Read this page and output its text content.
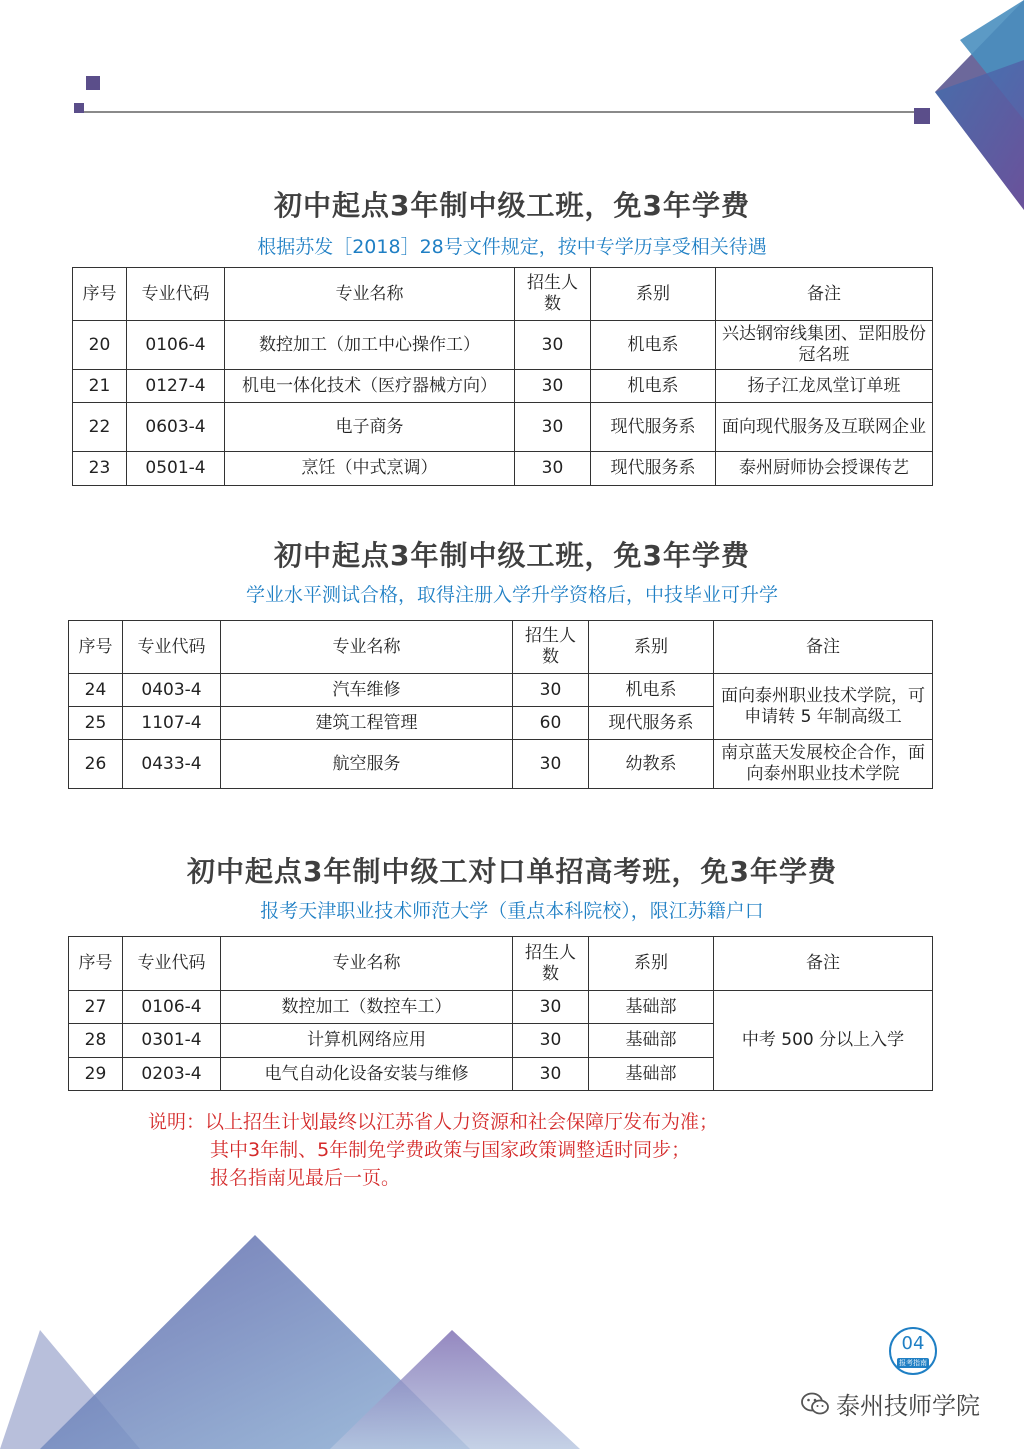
初中起点3年制中级工班，免3年学费
根据苏发［2018］28号文件规定，按中专学历享受相关待遇
序号	专业代码	专业名称	招生人数	系别	备注
20	0106-4	数控加工（加工中心操作工）	30	机电系	兴达钢帘线集团、罡阳股份冠名班
21	0127-4	机电一体化技术（医疗器械方向）	30	机电系	扬子江龙凤堂订单班
22	0603-4	电子商务	30	现代服务系	面向现代服务及互联网企业
23	0501-4	烹饪（中式烹调）	30	现代服务系	泰州厨师协会授课传艺
初中起点3年制中级工班，免3年学费
学业水平测试合格，取得注册入学升学资格后，中技毕业可升学
序号	专业代码	专业名称	招生人数	系别	备注
24	0403-4	汽车维修	30	机电系	面向泰州职业技术学院，可申请转 5 年制高级工
25	1107-4	建筑工程管理	60	现代服务系	
26	0433-4	航空服务	30	幼教系	南京蓝天发展校企合作，面向泰州职业技术学院
初中起点3年制中级工对口单招高考班，免3年学费
报考天津职业技术师范大学（重点本科院校），限江苏籍户口
序号	专业代码	专业名称	招生人数	系别	备注
27	0106-4	数控加工（数控车工）	30	基础部	中考 500 分以上入学
28	0301-4	计算机网络应用	30	基础部	
29	0203-4	电气自动化设备安装与维修	30	基础部	
说明：以上招生计划最终以江苏省人力资源和社会保障厅发布为准；
其中3年制、5年制免学费政策与国家政策调整适时同步；
报名指南见最后一页。
04
报考指南
泰州技师学院
